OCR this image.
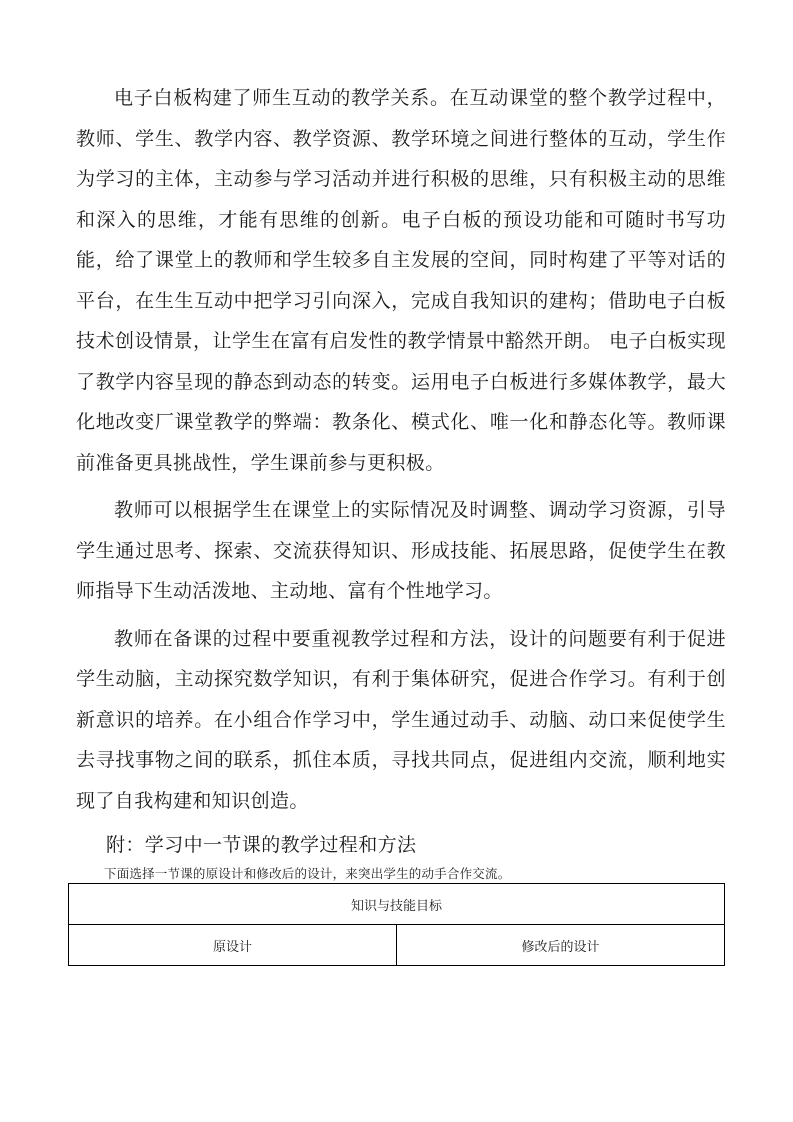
电子白板构建了师生互动的教学关系。在互动课堂的整个教学过程中，教师、学生、教学内容、教学资源、教学环境之间进行整体的互动，学生作为学习的主体，主动参与学习活动并进行积极的思维，只有积极主动的思维和深入的思维，才能有思维的创新。电子白板的预设功能和可随时书写功能，给了课堂上的教师和学生较多自主发展的空间，同时构建了平等对话的平台，在生生互动中把学习引向深入，完成自我知识的建构；借助电子白板技术创设情景，让学生在富有启发性的教学情景中豁然开朗。 电子白板实现了教学内容呈现的静态到动态的转变。运用电子白板进行多媒体教学，最大化地改变厂课堂教学的弊端：教条化、模式化、唯一化和静态化等。教师课前准备更具挑战性，学生课前参与更积极。

教师可以根据学生在课堂上的实际情况及时调整、调动学习资源，引导学生通过思考、探索、交流获得知识、形成技能、拓展思路，促使学生在教师指导下生动活泼地、主动地、富有个性地学习。

教师在备课的过程中要重视教学过程和方法，设计的问题要有利于促进学生动脑，主动探究数学知识，有利于集体研究，促进合作学习。有利于创新意识的培养。在小组合作学习中，学生通过动手、动脑、动口来促使学生去寻找事物之间的联系，抓住本质，寻找共同点，促进组内交流，顺利地实现了自我构建和知识创造。

附：学习中一节课的教学过程和方法

下面选择一节课的原设计和修改后的设计，来突出学生的动手合作交流。

知识与技能目标
原设计	修改后的设计
